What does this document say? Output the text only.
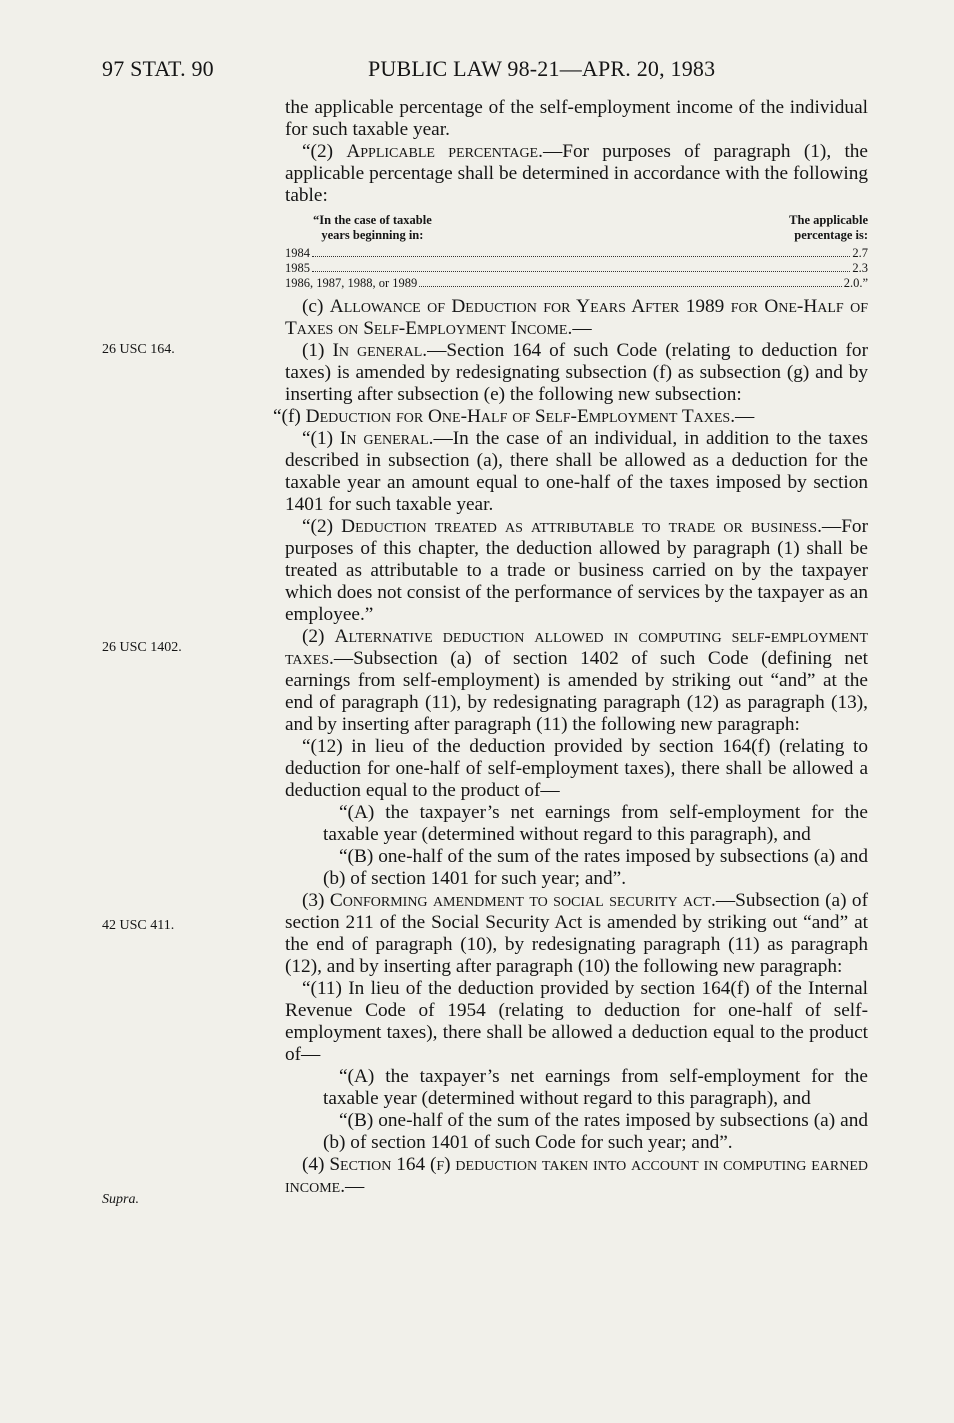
97 STAT. 90	PUBLIC LAW 98-21—APR. 20, 1983
26 USC 164.
26 USC 1402.
42 USC 411.
Supra.

the applicable percentage of the self-employment income of the individual for such taxable year.

“(2) Applicable percentage.—For purposes of paragraph (1), the applicable percentage shall be determined in accordance with the following table:

“In the case of taxable
years beginning in:
The applicable
percentage is:
1984	2.7
1985	2.3
1986, 1987, 1988, or 1989	2.0.”

(c) Allowance of Deduction for Years After 1989 for One-Half of Taxes on Self-Employment Income.—

(1) In general.—Section 164 of such Code (relating to deduction for taxes) is amended by redesignating subsection (f) as subsection (g) and by inserting after subsection (e) the following new subsection:

“(f) Deduction for One-Half of Self-Employment Taxes.—

“(1) In general.—In the case of an individual, in addition to the taxes described in subsection (a), there shall be allowed as a deduction for the taxable year an amount equal to one-half of the taxes imposed by section 1401 for such taxable year.

“(2) Deduction treated as attributable to trade or business.—For purposes of this chapter, the deduction allowed by paragraph (1) shall be treated as attributable to a trade or business carried on by the taxpayer which does not consist of the performance of services by the taxpayer as an employee.”

(2) Alternative deduction allowed in computing self-employment taxes.—Subsection (a) of section 1402 of such Code (defining net earnings from self-employment) is amended by striking out “and” at the end of paragraph (11), by redesignating paragraph (12) as paragraph (13), and by inserting after paragraph (11) the following new paragraph:

“(12) in lieu of the deduction provided by section 164(f) (relating to deduction for one-half of self-employment taxes), there shall be allowed a deduction equal to the product of—

“(A) the taxpayer’s net earnings from self-employment for the taxable year (determined without regard to this paragraph), and

“(B) one-half of the sum of the rates imposed by subsections (a) and (b) of section 1401 for such year; and”.

(3) Conforming amendment to social security act.—Subsection (a) of section 211 of the Social Security Act is amended by striking out “and” at the end of paragraph (10), by redesignating paragraph (11) as paragraph (12), and by inserting after paragraph (10) the following new paragraph:

“(11) In lieu of the deduction provided by section 164(f) of the Internal Revenue Code of 1954 (relating to deduction for one-half of self-employment taxes), there shall be allowed a deduction equal to the product of—

“(A) the taxpayer’s net earnings from self-employment for the taxable year (determined without regard to this paragraph), and

“(B) one-half of the sum of the rates imposed by subsections (a) and (b) of section 1401 of such Code for such year; and”.

(4) Section 164 (f) deduction taken into account in computing earned income.—
